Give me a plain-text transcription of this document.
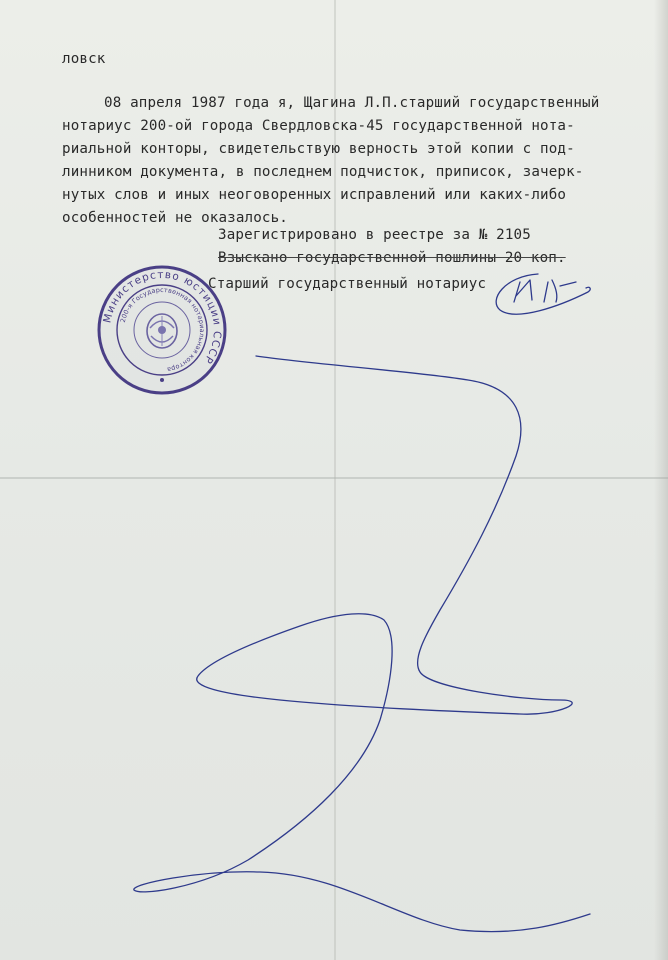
ловск
08 апреля 1987 года я, Щагина Л.П.старший государственный
нотариус 200-ой города Свердловска-45 государственной нота-
риальной конторы, свидетельствую верность этой копии с под-
линником документа, в последнем подчисток, приписок, зачерк-
нутых слов и иных неоговоренных исправлений или каких-либо
особенностей не оказалось.
Зарегистрировано в реестре за № 2105
Взыскано государственной пошлины 20 коп.
Старший государственный нотариус
Министерство юстиции СССР
200-я Государственная нотариальная контора
